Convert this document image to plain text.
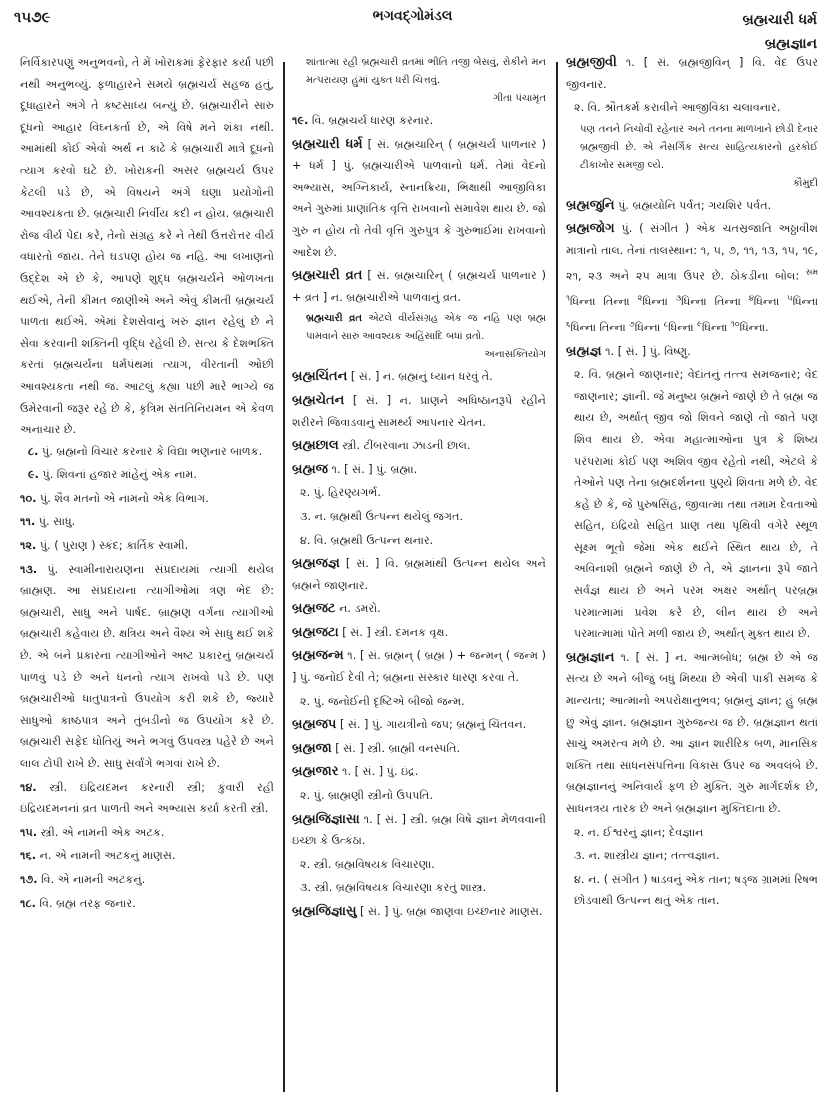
૧૫૭૯	ભગવદ્ગોમંડલ	બ્રહ્મચારી ધર્મ
બ્રહ્મજ્ઞાન

નિર્વિકારપણું અનુભવનો, તે મેં ખોરાકમાં ફેરફાર કર્યા પછી નથી અનુભવ્યું. ફળાહારને સમયે બ્રહ્મચર્ય સહજ હતું, દૂધાહારને અંગે તે કષ્ટસાધ્ય બન્યું છે. બ્રહ્મચારીને સારુ દૂધનો આહાર વિઘ્નકર્તા છે, એ વિષે મને શંકા નથી. આમાંથી કોઈ એવો અર્થ ન કાઢે કે બ્રહ્મચારી માત્રે દૂધનો ત્યાગ કરવો ઘટે છે. ખોરાકની અસર બ્રહ્મચર્ય ઉપર કેટલી પડે છે, એ વિષયને અંગે ઘણા પ્રયોગોની આવશ્યકતા છે. બ્રહ્મચારી નિર્વીય કદી ન હોય. બ્રહ્મચારી રોજ વીર્ય પેદા કરે, તેનો સંગ્રહ કરે ને તેથી ઉત્તરોત્તર વીર્ય વધારતો જાય. તેને ઘડપણ હોય જ નહિ. આ લખાણનો ઉદ્દેશ એ છે કે, આપણે શુદ્ધ બ્રહ્મચર્યને ઓળખતા થઈએ, તેની કીમત જાણીએ અને એવું કીમતી બ્રહ્મચર્ય પાળતા થઈએ. એમાં દેશસેવાનું ખરું જ્ઞાન રહેલું છે ને સેવા કરવાની શક્તિની વૃદ્ધિ રહેલી છે. સત્ય કે દેશભક્તિ કરતાં બ્રહ્મચર્યના ધર્મપંથમાં ત્યાગ, વીરતાની ઓછી આવશ્યકતા નથી જ. આટલું કહ્યા પછી મારે ભાગ્યે જ ઉમેરવાની જરૂર રહે છે કે, કૃત્રિમ સંતતિનિયમન એ કેવળ અનાચાર છે.

૮. પું. બ્રહ્મનો વિચાર કરનાર કે વિદ્યા ભણનાર બાળક.
૯. પું. શિવનાં હજાર માંહેનું એક નામ.
૧૦. પું. શૈવ મતનો એ નામનો એક વિભાગ.
૧૧. પું. સાધુ.
૧૨. પું. ( પુરાણ ) સ્કંદ; કાર્તિક સ્વામી.
૧૩. પું. સ્વામીનારાયણના સંપ્રદાયમાં ત્યાગી થયેલ બ્રાહ્મણ. આ સંપ્રદાયના ત્યાગીઓમાં ત્રણ ભેદ છે: બ્રહ્મચારી, સાધુ અને પાર્ષદ. બ્રાહ્મણ વર્ગના ત્યાગીઓ બ્રહ્મચારી કહેવાય છે. ક્ષત્રિય અને વૈશ્ય એ સાધુ થઈ શકે છે. એ બંને પ્રકારના ત્યાગીઓને અષ્ટ પ્રકારનું બ્રહ્મચર્ય પાળવું પડે છે અને ધનનો ત્યાગ રાખવો પડે છે. પણ બ્રહ્મચારીઓ ધાતુપાત્રનો ઉપયોગ કરી શકે છે, જ્યારે સાધુઓ કાષ્ઠપાત્ર અને તુંબડીનો જ ઉપયોગ કરે છે. બ્રહ્મચારી સફેદ ધોતિયું અને ભગવું ઉપવસ્ત્ર પહેરે છે અને લાલ ટોપી રાખે છે. સાધુ સર્વાંગે ભગવાં રાખે છે.
૧૪. સ્ત્રી. ઇંદ્રિયદમન કરનારી સ્ત્રી; કુંવારી રહી ઇંદ્રિયદમનનાં વ્રત પાળતી અને અભ્યાસ કર્યા કરતી સ્ત્રી.
૧૫. સ્ત્રી. એ નામની એક અટક.
૧૬. ન. એ નામની અટકનું માણસ.
૧૭. વિ. એ નામની અટકનું.
૧૮. વિ. બ્રહ્મ તરફ જનાર.
શાંતાત્મા રહી બ્રહ્મચારી વ્રતમાં ભીતિ તજી બેસવું, રોકીને મન મત્પરાયણ હુંમાં યુક્ત ધરી ચિત્તવું.
ગીતા પંચામૃત
૧૯. વિ. બ્રહ્મચર્ય ધારણ કરનાર.
બ્રહ્મચારી ધર્મ [ સં. બ્રહ્મચારિન્ ( બ્રહ્મચર્ય પાળનાર ) + ધર્મ ] પું. બ્રહ્મચારીએ પાળવાનો ધર્મ. તેમાં વેદનો અભ્યાસ, અગ્નિકાર્ય, સ્નાનક્રિયા, ભિક્ષાથી આજીવિકા અને ગુરુમાં પ્રાણાંતિક વૃત્તિ રાખવાનો સમાવેશ થાય છે. જો ગુરુ ન હોય તો તેવી વૃત્તિ ગુરુપુત્ર કે ગુરુભાઈમાં રાખવાનો આદેશ છે.
બ્રહ્મચારી વ્રત [ સં. બ્રહ્મચારિન્ ( બ્રહ્મચર્ય પાળનાર ) + વ્રત ] ન. બ્રહ્મચારીએ પાળવાનું વ્રત.
બ્રહ્મચારી વ્રત એટલે વીર્યસંગ્રહ એક જ નહિ પણ બ્રહ્મ પામવાને સારુ આવશ્યક અહિંસાદિ બધાં વ્રતો.
અનાસક્તિયોગ
બ્રહ્મચિંતન [ સં. ] ન. બ્રહ્મનું ધ્યાન ધરવું તે.
બ્રહ્મચેતન [ સં. ] ન. પ્રાણને અધિષ્ઠાનરૂપે રહીને શરીરને જિવાડવાનું સામર્થ્ય આપનાર ચેતન.
બ્રહ્મછાલ સ્ત્રી. ટીંબરવાના ઝાડની છાલ.
બ્રહ્મજ ૧. [ સં. ] પું. બ્રહ્મા.
૨. પું. હિરણ્યગર્ભ.
૩. ન. બ્રહ્મથી ઉત્પન્ન થયેલું જગત.
૪. વિ. બ્રહ્મથી ઉત્પન્ન થનાર.
બ્રહ્મજજ્ઞ [ સં. ] વિ. બ્રહ્મમાંથી ઉત્પન્ન થયેલ અને બ્રહ્મને જાણનાર.
બ્રહ્મજટ ન. ડમરો.
બ્રહ્મજટા [ સં. ] સ્ત્રી. દમનક વૃક્ષ.
બ્રહ્મજન્મ ૧. [ સં. બ્રહ્મન્ ( બ્રહ્મ ) + જન્મન્ ( જન્મ ) ] પું. જનોઈ દેવી તે; બ્રહ્મના સંસ્કાર ધારણ કરવા તે.
૨. પું. જનોઈની દૃષ્ટિએ બીજો જન્મ.
બ્રહ્મજપ [ સં. ] પું. ગાયત્રીનો જપ; બ્રહ્મનું ચિંતવન.
બ્રહ્મજા [ સં. ] સ્ત્રી. બ્રાહ્મી વનસ્પતિ.
બ્રહ્મજાર ૧. [ સં. ] પું. ઇંદ્ર.
૨. પું. બ્રાહ્મણી સ્ત્રીનો ઉપપતિ.
બ્રહ્મજિજ્ઞાસા ૧. [ સં. ] સ્ત્રી. બ્રહ્મ વિષે જ્ઞાન મેળવવાની ઇચ્છા કે ઉત્કંઠા.
૨. સ્ત્રી. બ્રહ્મવિષયક વિચારણા.
૩. સ્ત્રી. બ્રહ્મવિષયક વિચારણા કરતું શાસ્ત્ર.
બ્રહ્મજિજ્ઞાસુ [ સં. ] પું. બ્રહ્મ જાણવા ઇચ્છનાર માણસ.
બ્રહ્મજીવી ૧. [ સં. બ્રહ્મજીવિન્ ] વિ. વેદ ઉપર જીવનાર.
૨. વિ. શ્રૌતકર્મ કરાવીને આજીવિકા ચલાવનાર.
પણ તનને નિચોવી રહેનાર અને તનના માળખાને છોડી દેનાર બ્રહ્મજીવી છે. એ નૈસર્ગિક સત્ય સાહિત્યકારનો હરકોઈ ટીકાખોર સમજી લ્યે.
કૌમુદી
બ્રહ્મજુનિ પું. બ્રહ્મયોનિ પર્વત; ગયશિર પર્વત.
બ્રહ્મજોગ પું. ( સંગીત ) એક ચતસ્રજાતિ અઠ્ઠાવીશ માત્રાનો તાલ. તેનાં તાલસ્થાન: ૧, ૫, ૭, ૧૧, ૧૩, ૧૫, ૧૯, ૨૧, ૨૩ અને ૨૫ માત્રા ઉપર છે. ઠોકડીના બોલ: $^{સમ ૧}$ધિન્ના તિન્ના $^૨$ધિન્ના $^૩$ધિન્ના તિન્ના $^૪$ધિન્ના $^૫$ધિન્ના $^૬$ધિન્ના તિન્ના $^૭$ધિન્ના $^૮$ધિન્ના $^૯$ધિન્ના $^{૧૦}$ધિન્ના.
બ્રહ્મજ્ઞ ૧. [ સં. ] પું. વિષ્ણુ.
૨. વિ. બ્રહ્મને જાણનાર; વેદાંતનું તત્ત્વ સમજનાર; વેદ જાણનાર; જ્ઞાની. જે મનુષ્ય બ્રહ્મને જાણે છે તે બ્રહ્મ જ થાય છે, અર્થાત્ જીવ જો શિવને જાણે તો જાતે પણ શિવ થાય છે. એવા મહાત્માઓના પુત્ર કે શિષ્ય પરંપરામાં કોઈ પણ અશિવ જીવ રહેતો નથી, એટલે કે તેઓને પણ તેના બ્રહ્મદર્શનના પુણ્યે શિવતા મળે છે. વેદ કહે છે કે, જે પુરુષસિંહ, જીવાત્મા તથા તમામ દેવતાઓ સહિત, ઇંદ્રિયો સહિત પ્રાણ તથા પૃથિવી વગેરે સ્થૂળ સૂક્ષ્મ ભૂતો જેમાં એક થઈને સ્થિત થાય છે, તે અવિનાશી બ્રહ્મને જાણે છે તે, એ જ્ઞાનના રૂપે જાતે સર્વજ્ઞ થાય છે અને પરમ અક્ષર અર્થાત્ પરબ્રહ્મ પરમાત્મામાં પ્રવેશ કરે છે, લીન થાય છે અને પરમાત્મામાં પોતે મળી જાય છે, અર્થાત્ મુક્ત થાય છે.
બ્રહ્મજ્ઞાન ૧. [ સં. ] ન. આત્મબોધ; બ્રહ્મ છે એ જ સત્ય છે અને બીજું બધું મિથ્યા છે એવી પાકી સમજ કે માન્યતા; આત્માનો અપરોક્ષાનુભવ; બ્રહ્મનું જ્ઞાન; હું બ્રહ્મ છું એવું જ્ઞાન. બ્રહ્મજ્ઞાન ગુરુજન્ય જ છે. બ્રહ્મજ્ઞાન થતાં સાચું અમરત્વ મળે છે. આ જ્ઞાન શારીરિક બળ, માનસિક શક્તિ તથા સાધનસંપત્તિના વિકાસ ઉપર જ અવલંબે છે. બ્રહ્મજ્ઞાનનું અનિવાર્ય ફળ છે મુક્તિ. ગુરુ માર્ગદર્શક છે, સાધનત્રય તારક છે અને બ્રહ્મજ્ઞાન મુક્તિદાતા છે.
૨. ન. ઈશ્વરનું જ્ઞાન; દેવજ્ઞાન
૩. ન. શાસ્ત્રીય જ્ઞાન; તત્ત્વજ્ઞાન.
૪. ન. ( સંગીત ) ષાડવનું એક તાન; ષડ્જ ગ્રામમાં રિષભ છોડવાથી ઉત્પન્ન થતું એક તાન.
